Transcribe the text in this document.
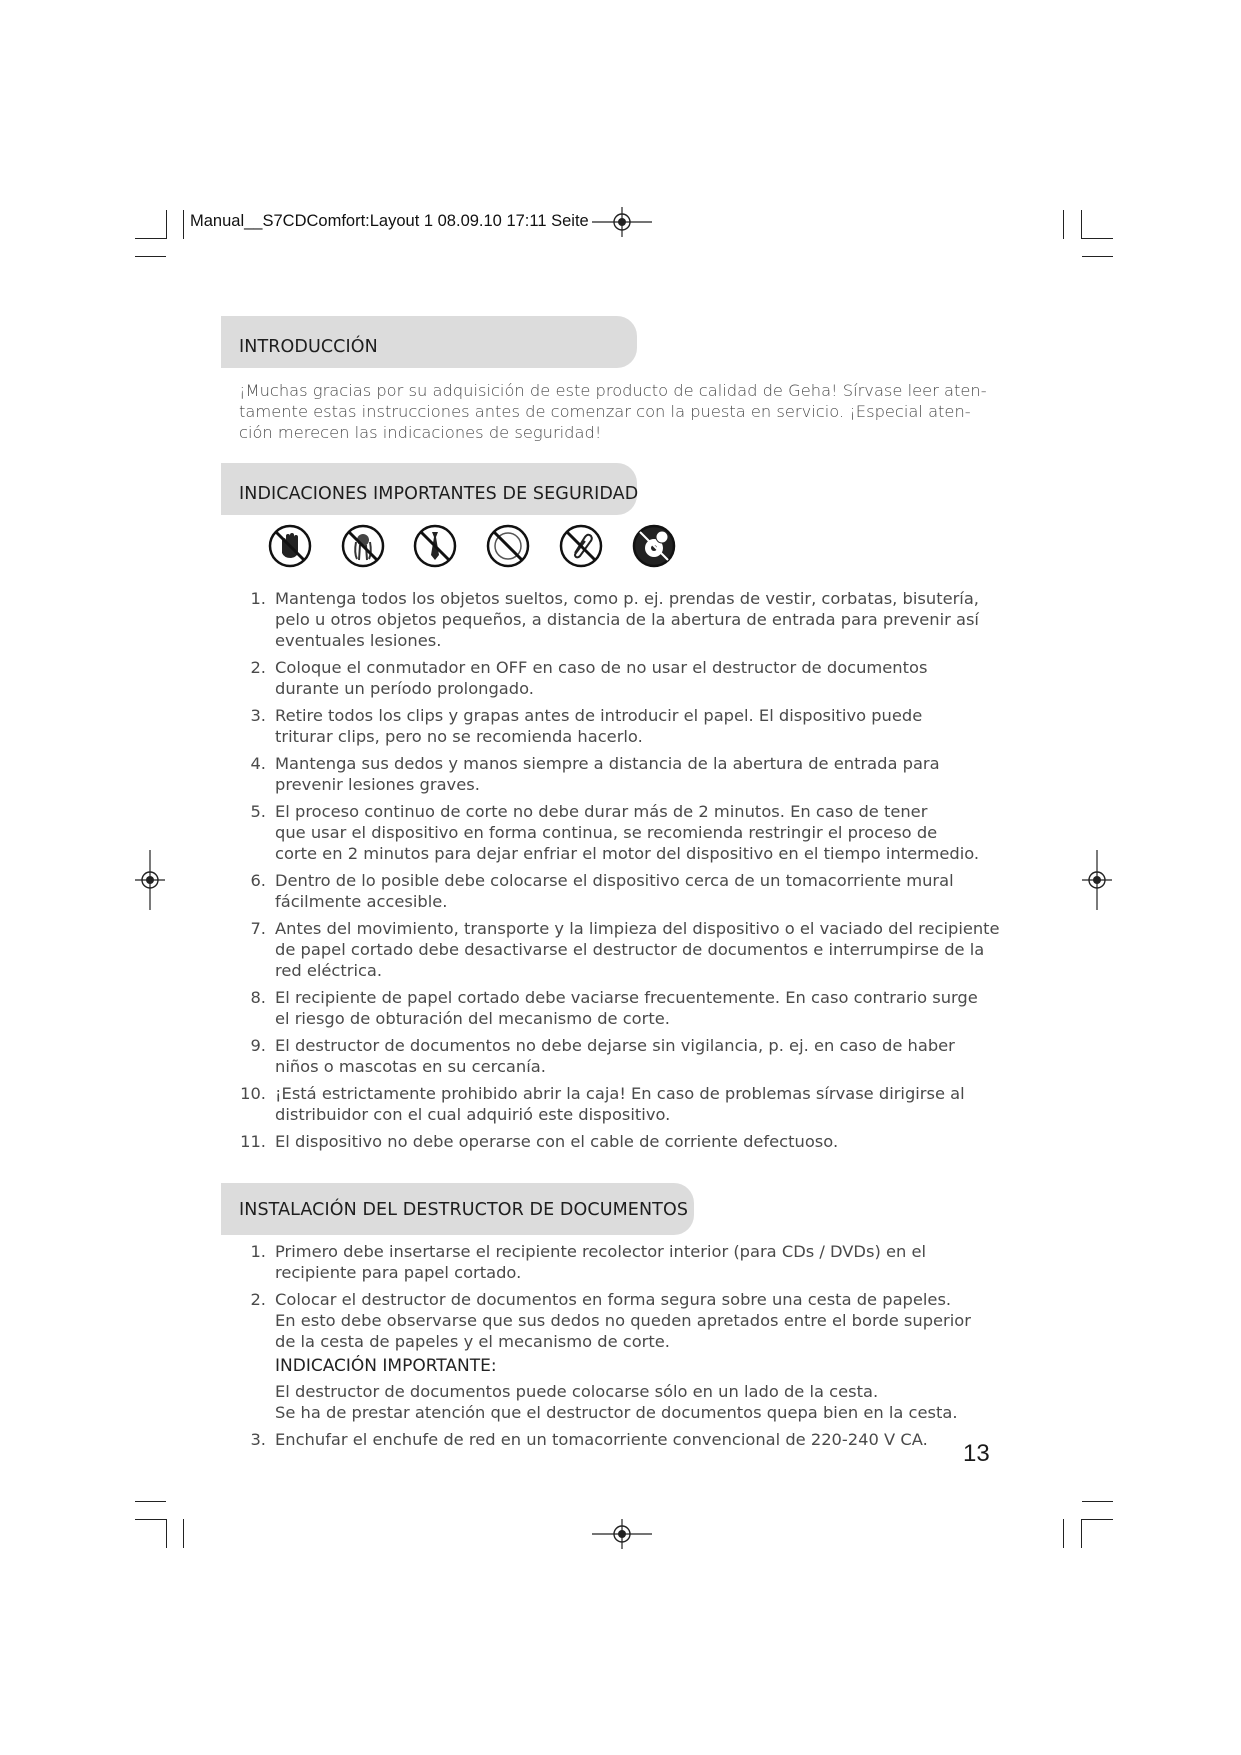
Manual__S7CDComfort:Layout 1 08.09.10 17:11 Seite
INTRODUCCIÓN
¡Muchas gracias por su adquisición de este producto de calidad de Geha! Sírvase leer aten-
tamente estas instrucciones antes de comenzar con la puesta en servicio. ¡Especial aten-
ción merecen las indicaciones de seguridad!
INDICACIONES IMPORTANTES DE SEGURIDAD
1. Mantenga todos los objetos sueltos, como p. ej. prendas de vestir, corbatas, bisutería,
pelo u otros objetos pequeños, a distancia de la abertura de entrada para prevenir así
eventuales lesiones.
2. Coloque el conmutador en OFF en caso de no usar el destructor de documentos
durante un período prolongado.
3. Retire todos los clips y grapas antes de introducir el papel. El dispositivo puede
triturar clips, pero no se recomienda hacerlo.
4. Mantenga sus dedos y manos siempre a distancia de la abertura de entrada para
prevenir lesiones graves.
5. El proceso continuo de corte no debe durar más de 2 minutos. En caso de tener
que usar el dispositivo en forma continua, se recomienda restringir el proceso de
corte en 2 minutos para dejar enfriar el motor del dispositivo en el tiempo intermedio.
6. Dentro de lo posible debe colocarse el dispositivo cerca de un tomacorriente mural
fácilmente accesible.
7. Antes del movimiento, transporte y la limpieza del dispositivo o el vaciado del recipiente
de papel cortado debe desactivarse el destructor de documentos e interrumpirse de la
red eléctrica.
8. El recipiente de papel cortado debe vaciarse frecuentemente. En caso contrario surge
el riesgo de obturación del mecanismo de corte.
9. El destructor de documentos no debe dejarse sin vigilancia, p. ej. en caso de haber
niños o mascotas en su cercanía.
10. ¡Está estrictamente prohibido abrir la caja! En caso de problemas sírvase dirigirse al
distribuidor con el cual adquirió este dispositivo.
11. El dispositivo no debe operarse con el cable de corriente defectuoso.
INSTALACIÓN DEL DESTRUCTOR DE DOCUMENTOS
1. Primero debe insertarse el recipiente recolector interior (para CDs / DVDs) en el
recipiente para papel cortado.
2. Colocar el destructor de documentos en forma segura sobre una cesta de papeles.
En esto debe observarse que sus dedos no queden apretados entre el borde superior
de la cesta de papeles y el mecanismo de corte.
INDICACIÓN IMPORTANTE:
El destructor de documentos puede colocarse sólo en un lado de la cesta.
Se ha de prestar atención que el destructor de documentos quepa bien en la cesta.
3. Enchufar el enchufe de red en un tomacorriente convencional de 220-240 V CA.
13
